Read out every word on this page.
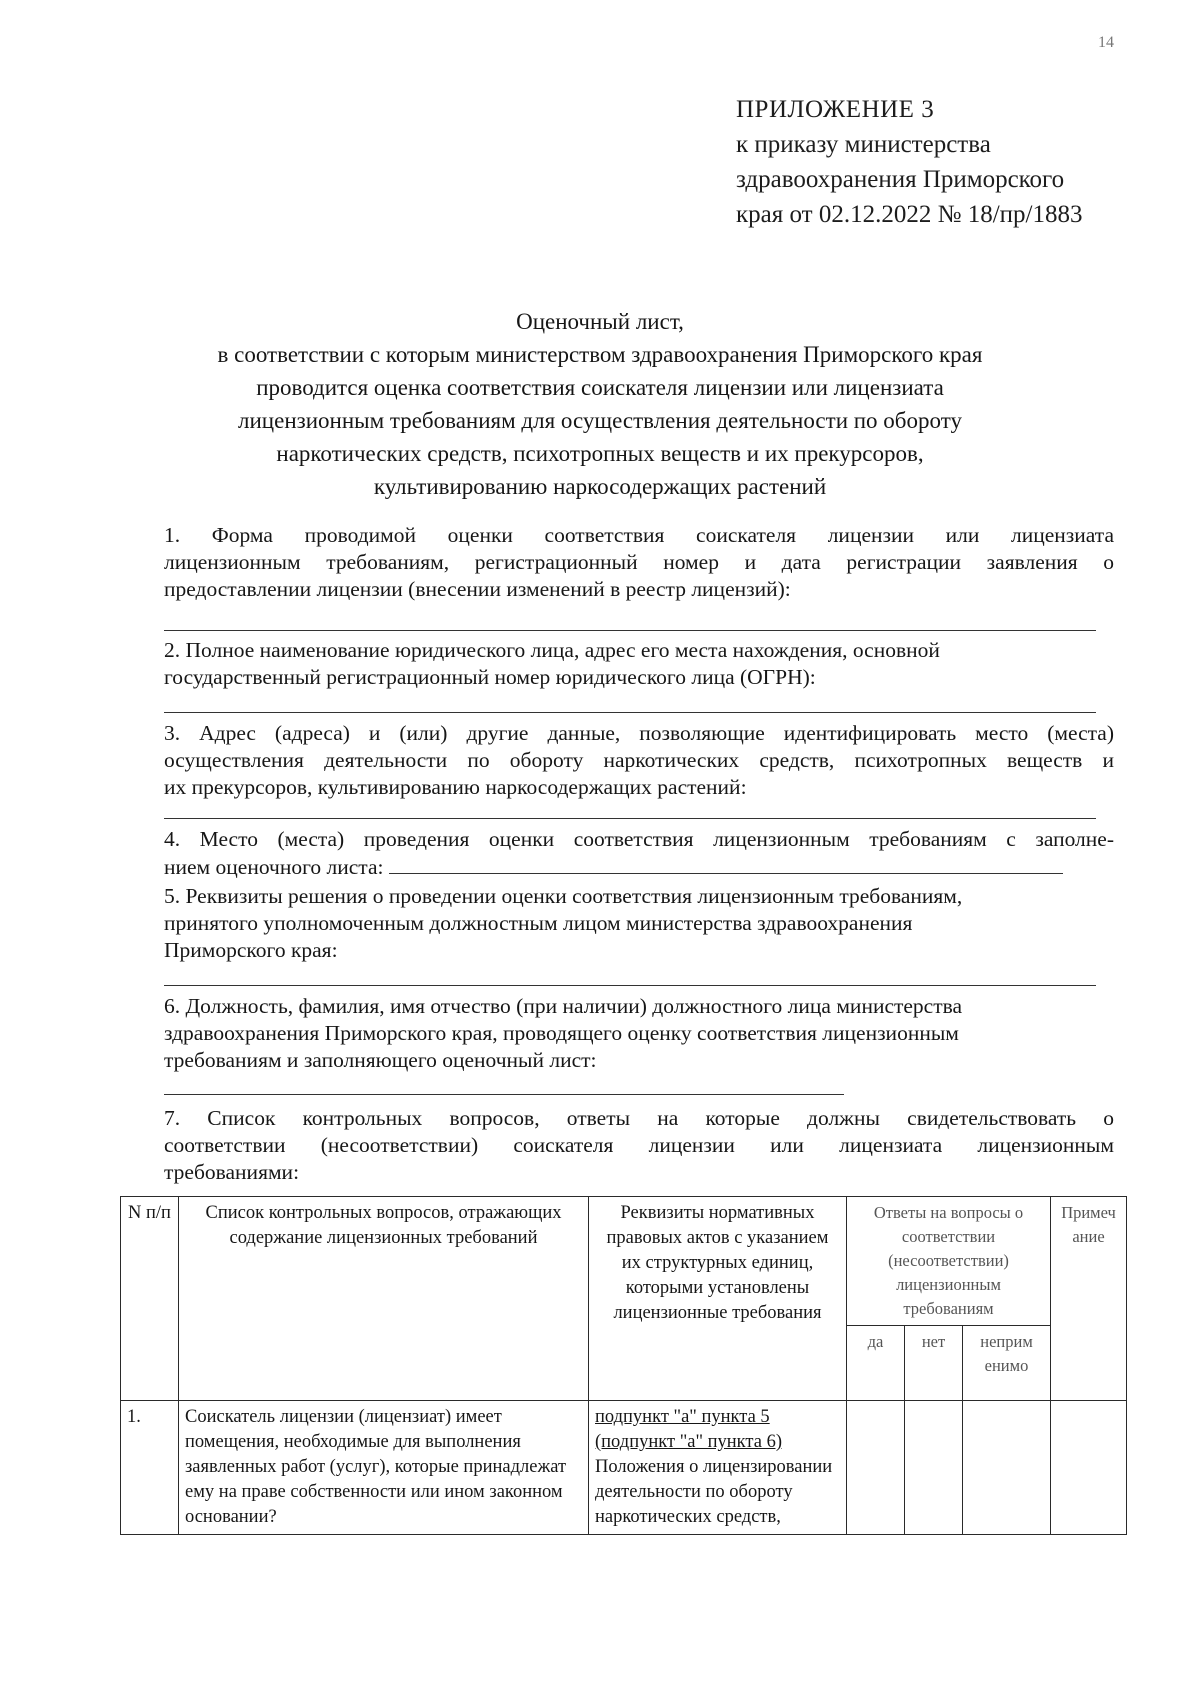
14
ПРИЛОЖЕНИЕ 3
к приказу министерства
здравоохранения Приморского
края от 02.12.2022 № 18/пр/1883
Оценочный лист,
в соответствии с которым министерством здравоохранения Приморского края
проводится оценка соответствия соискателя лицензии или лицензиата
лицензионным требованиям для осуществления деятельности по обороту
наркотических средств, психотропных веществ и их прекурсоров,
культивированию наркосодержащих растений

1. Форма проводимой оценки соответствия соискателя лицензии или лицензиата

лицензионным требованиям, регистрационный номер и дата регистрации заявления о

предоставлении лицензии (внесении изменений в реестр лицензий):

2. Полное наименование юридического лица, адрес его места нахождения, основной

государственный регистрационный номер юридического лица (ОГРН):

3. Адрес (адреса) и (или) другие данные, позволяющие идентифицировать место (места)

осуществления деятельности по обороту наркотических средств, психотропных веществ и

их прекурсоров, культивированию наркосодержащих растений:

4. Место (места) проведения оценки соответствия лицензионным требованиям с заполне-

нием оценочного листа:

5. Реквизиты решения о проведении оценки соответствия лицензионным требованиям,

принятого уполномоченным должностным лицом министерства здравоохранения

Приморского края:

6. Должность, фамилия, имя отчество (при наличии) должностного лица министерства

здравоохранения Приморского края, проводящего оценку соответствия лицензионным

требованиям и заполняющего оценочный лист:

7. Список контрольных вопросов, ответы на которые должны свидетельствовать о

соответствии (несоответствии) соискателя лицензии или лицензиата лицензионным

требованиями:

N п/п	Список контрольных вопросов, отражающих содержание лицензионных требований	Реквизиты нормативных правовых актов с указанием их структурных единиц, которыми установлены лицензионные требования	Ответы на вопросы о соответствии (несоответствии) лицензионным требованиям			Примеч ание
			да	нет	неприм енимо	
1.	Соискатель лицензии (лицензиат) имеет помещения, необходимые для выполнения заявленных работ (услуг), которые принадлежат ему на праве собственности или ином законном основании?	подпункт "а" пункта 5
(подпункт "а" пункта 6)
Положения о лицензировании деятельности по обороту наркотических средств,				
